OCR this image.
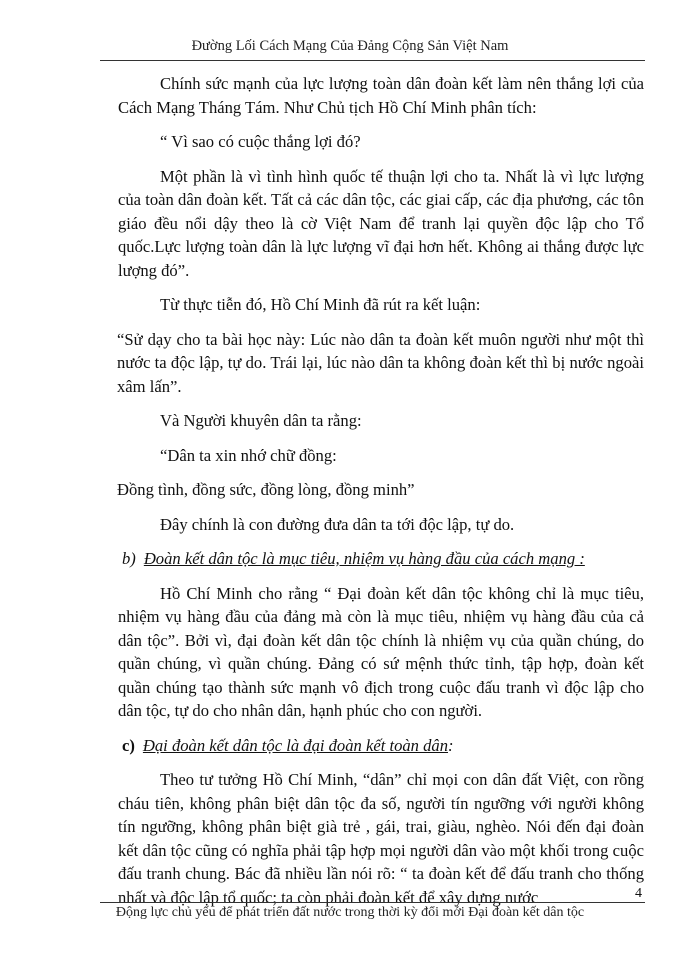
Đường Lối Cách Mạng Của Đảng Cộng Sản Việt Nam

Chính sức mạnh của lực lượng toàn dân đoàn kết làm nên thắng lợi của Cách Mạng Tháng Tám. Như Chủ tịch Hồ Chí Minh phân tích:

“ Vì sao có cuộc thắng lợi đó?

Một phần là vì tình hình quốc tế thuận lợi cho ta. Nhất là vì lực lượng của toàn dân đoàn kết. Tất cả các dân tộc, các giai cấp, các địa phương, các tôn giáo đều nổi dậy theo là cờ Việt Nam để tranh lại quyền độc lập cho Tổ quốc.Lực lượng toàn dân là lực lượng vĩ đại hơn hết. Không ai thắng được lực lượng đó”.

Từ thực tiễn đó, Hồ Chí Minh đã rút ra kết luận:

“Sử dạy cho ta bài học này: Lúc nào dân ta đoàn kết muôn người như một thì nước ta độc lập, tự do. Trái lại, lúc nào dân ta không đoàn kết thì bị nước ngoài xâm lấn”.

Và Người khuyên dân ta rằng:

“Dân ta xin nhớ chữ đồng:

Đồng tình, đồng sức, đồng lòng, đồng minh”

Đây chính là con đường đưa dân ta tới độc lập, tự do.

b) Đoàn kết dân tộc là mục tiêu, nhiệm vụ hàng đầu của cách mạng :

Hồ Chí Minh cho rằng “ Đại đoàn kết dân tộc không chỉ là mục tiêu, nhiệm vụ hàng đầu của đảng mà còn là mục tiêu, nhiệm vụ hàng đầu của cả dân tộc”. Bởi vì, đại đoàn kết dân tộc chính là nhiệm vụ của quần chúng, do quần chúng, vì quần chúng. Đảng có sứ mệnh thức tỉnh, tập hợp, đoàn kết quần chúng tạo thành sức mạnh vô địch trong cuộc đấu tranh vì độc lập cho dân tộc, tự do cho nhân dân, hạnh phúc cho con người.

c) Đại đoàn kết dân tộc là đại đoàn kết toàn dân:

Theo tư tưởng Hồ Chí Minh, “dân” chỉ mọi con dân đất Việt, con rồng cháu tiên, không phân biệt dân tộc đa số, người tín ngưỡng với người không tín ngưỡng, không phân biệt già trẻ , gái, trai, giàu, nghèo. Nói đến đại đoàn kết dân tộc cũng có nghĩa phải tập hợp mọi người dân vào một khối trong cuộc đấu tranh chung. Bác đã nhiều lần nói rõ: “ ta đoàn kết để đấu tranh cho thống nhất và độc lập tổ quốc; ta còn phải đoàn kết để xây dựng nước	4
Động lực chủ yếu để phát triển đất nước trong thời kỳ đổi mới Đại đoàn kết dân tộc
